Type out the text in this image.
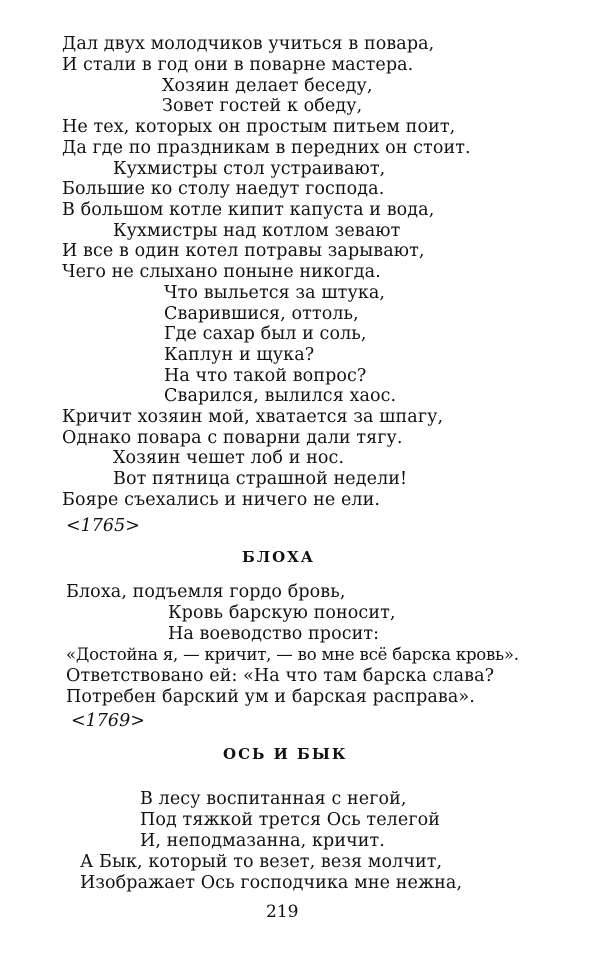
Дал двух молодчиков учиться в повара,
И стали в год они в поварне мастера.
Хозяин делает беседу,
Зовет гостей к обеду,
Не тех, которых он простым питьем поит,
Да где по праздникам в передних он стоит.
Кухмистры стол устраивают,
Большие ко столу наедут господа.
В большом котле кипит капуста и вода,
Кухмистры над котлом зевают
И все в один котел потравы зарывают,
Чего не слыхано поныне никогда.
Что выльется за штука,
Сварившися, оттоль,
Где сахар был и соль,
Каплун и щука?
На что такой вопрос?
Сварился, вылился хаос.
Кричит хозяин мой, хватается за шпагу,
Однако повара с поварни дали тягу.
Хозяин чешет лоб и нос.
Вот пятница страшной недели!
Бояре съехались и ничего не ели.
<1765>
БЛОХА
Блоха, подъемля гордо бровь,
Кровь барскую поносит,
На воеводство просит:
«Достойна я, — кричит, — во мне всё барска кровь».
Ответствовано ей: «На что там барска слава?
Потребен барский ум и барская расправа».
<1769>
ОСЬ И БЫК
В лесу воспитанная с негой,
Под тяжкой трется Ось телегой
И, неподмазанна, кричит.
А Бык, который то везет, везя молчит,
Изображает Ось господчика мне нежна,
219
